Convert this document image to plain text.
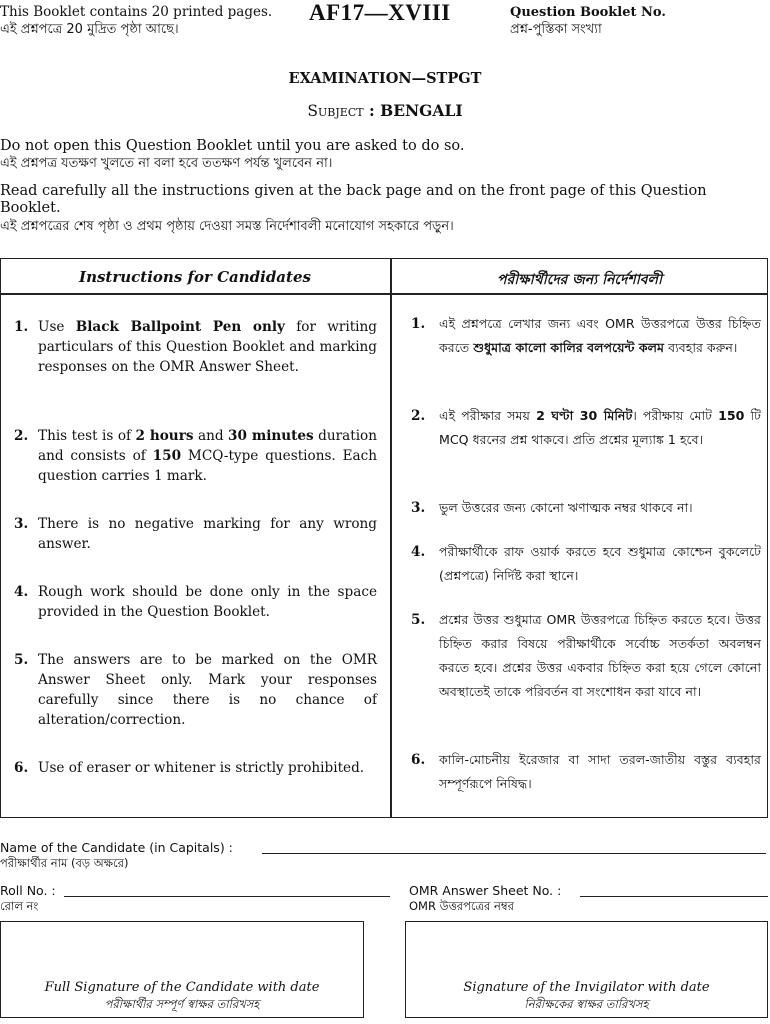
This Booklet contains 20 printed pages.
এই প্রশ্নপত্রে 20 মুদ্রিত পৃষ্ঠা আছে।
AF17—XVIII	Question Booklet No.
প্রশ্ন-পুস্তিকা সংখ্যা
EXAMINATION—STPGT
Subject : BENGALI
Do not open this Question Booklet until you are asked to do so.
এই প্রশ্নপত্র যতক্ষণ খুলতে না বলা হবে ততক্ষণ পর্যন্ত খুলবেন না।
Read carefully all the instructions given at the back page and on the front page of this Question Booklet.
এই প্রশ্নপত্রের শেষ পৃষ্ঠা ও প্রথম পৃষ্ঠায় দেওয়া সমস্ত নির্দেশাবলী মনোযোগ সহকারে পড়ুন।
Instructions for Candidates	পরীক্ষার্থীদের জন্য নির্দেশাবলী
1. Use Black Ballpoint Pen only for writing particulars of this Question Booklet and marking responses on the OMR Answer Sheet.
2. This test is of 2 hours and 30 minutes duration and consists of 150 MCQ-type questions. Each question carries 1 mark.
3. There is no negative marking for any wrong answer.
4. Rough work should be done only in the space provided in the Question Booklet.
5. The answers are to be marked on the OMR Answer Sheet only. Mark your responses carefully since there is no chance of alteration/correction.
6. Use of eraser or whitener is strictly prohibited.
1. এই প্রশ্নপত্রে লেখার জন্য এবং OMR উত্তরপত্রে উত্তর চিহ্নিত করতে শুধুমাত্র কালো কালির বলপয়েন্ট কলম ব্যবহার করুন।
2. এই পরীক্ষার সময় 2 ঘণ্টা 30 মিনিট। পরীক্ষায় মোট 150 টি MCQ ধরনের প্রশ্ন থাকবে। প্রতি প্রশ্নের মূল্যাঙ্ক 1 হবে।
3. ভুল উত্তরের জন্য কোনো ঋণাত্মক নম্বর থাকবে না।
4. পরীক্ষার্থীকে রাফ ওয়ার্ক করতে হবে শুধুমাত্র কোশ্চেন বুকলেটে (প্রশ্নপত্রে) নির্দিষ্ট করা স্থানে।
5. প্রশ্নের উত্তর শুধুমাত্র OMR উত্তরপত্রে চিহ্নিত করতে হবে। উত্তর চিহ্নিত করার বিষয়ে পরীক্ষার্থীকে সর্বোচ্চ সতর্কতা অবলম্বন করতে হবে। প্রশ্নের উত্তর একবার চিহ্নিত করা হয়ে গেলে কোনো অবস্থাতেই তাকে পরিবর্তন বা সংশোধন করা যাবে না।
6. কালি-মোচনীয় ইরেজার বা সাদা তরল-জাতীয় বস্তুর ব্যবহার সম্পূর্ণরূপে নিষিদ্ধ।
Name of the Candidate (in Capitals) :
পরীক্ষার্থীর নাম (বড় অক্ষরে)
Roll No. :
রোল নং
OMR Answer Sheet No. :
OMR উত্তরপত্রের নম্বর
Full Signature of the Candidate with date
পরীক্ষার্থীর সম্পূর্ণ স্বাক্ষর তারিখসহ
Signature of the Invigilator with date
নিরীক্ষকের স্বাক্ষর তারিখসহ
